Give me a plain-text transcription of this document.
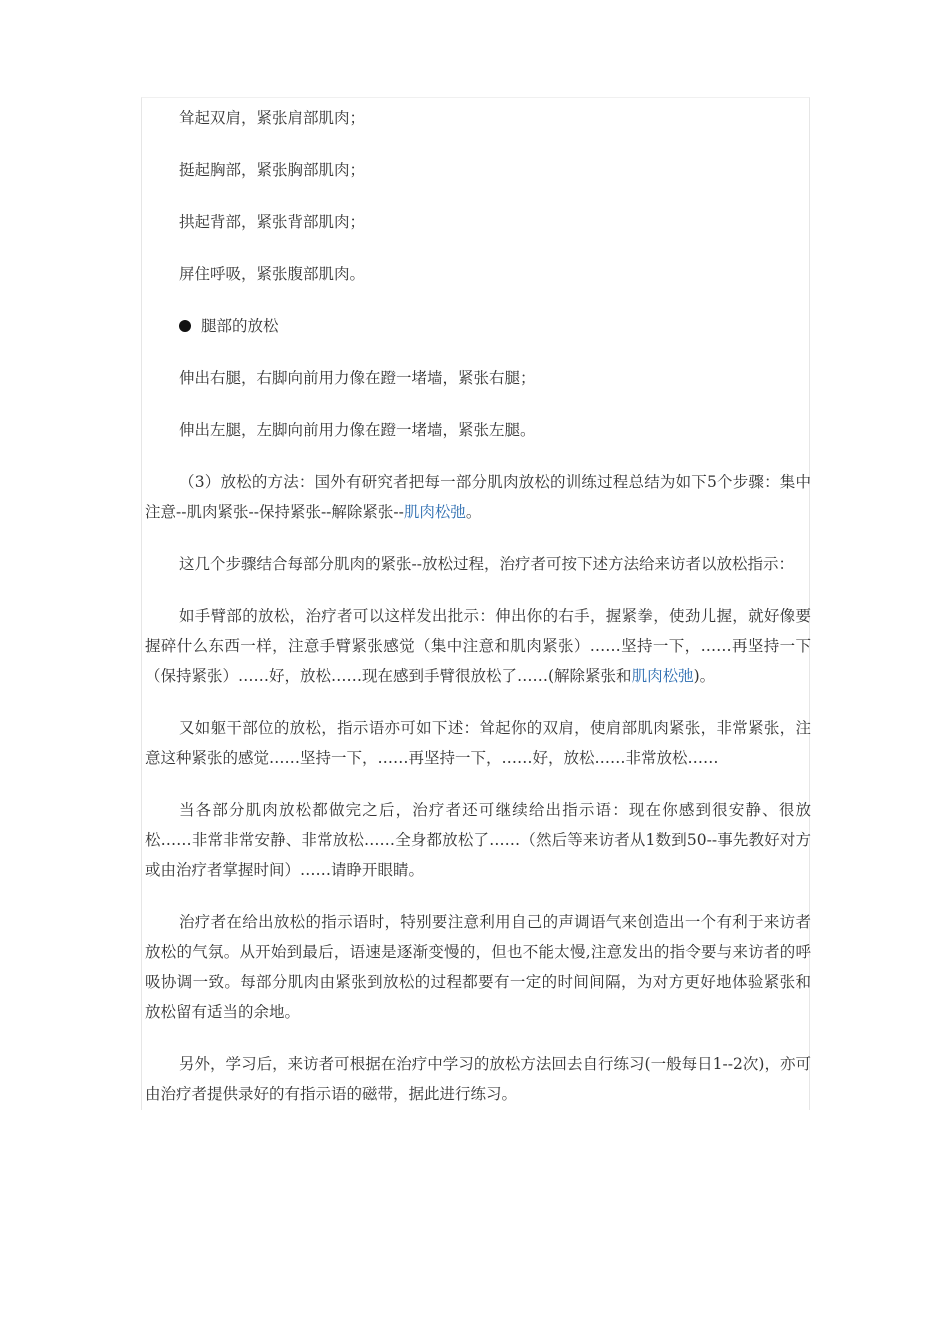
耸起双肩，紧张肩部肌肉；
挺起胸部，紧张胸部肌肉；
拱起背部，紧张背部肌肉；
屏住呼吸，紧张腹部肌肉。
腿部的放松
伸出右腿，右脚向前用力像在蹬一堵墙，紧张右腿；
伸出左腿，左脚向前用力像在蹬一堵墙，紧张左腿。

（3）放松的方法：国外有研究者把每一部分肌肉放松的训练过程总结为如下5个步骤：集中注意--肌肉紧张--保持紧张--解除紧张--肌肉松弛。

这几个步骤结合每部分肌肉的紧张--放松过程，治疗者可按下述方法给来访者以放松指示：

如手臂部的放松，治疗者可以这样发出批示：伸出你的右手，握紧拳，使劲儿握，就好像要握碎什么东西一样，注意手臂紧张感觉（集中注意和肌肉紧张）……坚持一下，……再坚持一下（保持紧张）……好，放松……现在感到手臂很放松了……(解除紧张和肌肉松弛)。

又如躯干部位的放松，指示语亦可如下述：耸起你的双肩，使肩部肌肉紧张，非常紧张，注意这种紧张的感觉……坚持一下，……再坚持一下，……好，放松……非常放松……

当各部分肌肉放松都做完之后，治疗者还可继续给出指示语：现在你感到很安静、很放松……非常非常安静、非常放松……全身都放松了……（然后等来访者从1数到50--事先教好对方或由治疗者掌握时间）……请睁开眼睛。

治疗者在给出放松的指示语时，特别要注意利用自己的声调语气来创造出一个有利于来访者放松的气氛。从开始到最后，语速是逐渐变慢的，但也不能太慢,注意发出的指令要与来访者的呼吸协调一致。每部分肌肉由紧张到放松的过程都要有一定的时间间隔，为对方更好地体验紧张和放松留有适当的余地。

另外，学习后，来访者可根据在治疗中学习的放松方法回去自行练习(一般每日1--2次)，亦可由治疗者提供录好的有指示语的磁带，据此进行练习。
